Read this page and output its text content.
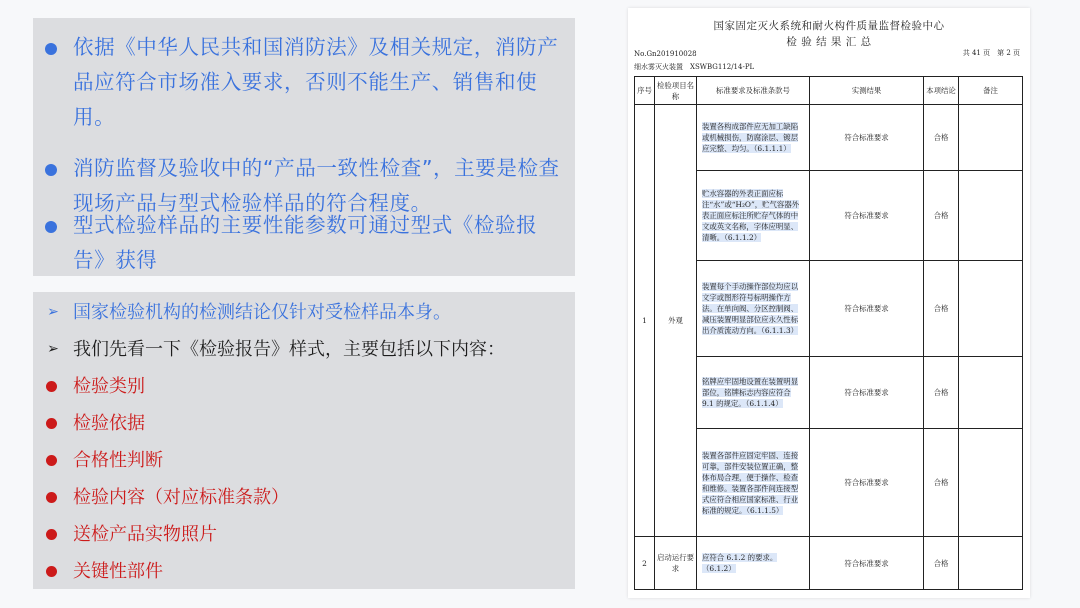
依据《中华人民共和国消防法》及相关规定，消防产品应符合市场准入要求，否则不能生产、销售和使用。
消防监督及验收中的“产品一致性检查”，主要是检查现场产品与型式检验样品的符合程度。
型式检验样品的主要性能参数可通过型式《检验报告》获得
➢ 国家检验机构的检测结论仅针对受检样品本身。
➢ 我们先看一下《检验报告》样式，主要包括以下内容：
检验类别
检验依据
合格性判断
检验内容（对应标准条款）
送检产品实物照片
关键性部件
国家固定灭火系统和耐火构件质量监督检验中心
检 验 结 果 汇 总
No.Gn201910028	共 41 页　第 2 页
细水雾灭火装置　XSWBG112/14-PL
序号	检验项目名称	标准要求及标准条款号	实测结果	本项结论	备注
1	外观	装置各构成部件应无加工缺陷或机械损伤，防腐涂层、镀层应完整、均匀。（6.1.1.1）	符合标准要求	合格	
		贮水容器的外表正面应标注“水”或“H₂O”，贮气容器外表正面应标注所贮存气体的中文或英文名称，字体应明显、清晰。（6.1.1.2）	符合标准要求	合格	
		装置每个手动操作部位均应以文字或图形符号标明操作方法。在单向阀、分区控制阀、减压装置明显部位应永久性标出介质流动方向。（6.1.1.3）	符合标准要求	合格	
		铭牌应牢固地设置在装置明显部位，铭牌标志内容应符合 9.1 的规定。（6.1.1.4）	符合标准要求	合格	
		装置各部件应固定牢固、连接可靠，部件安装位置正确，整体布局合理，便于操作、检查和维修。装置各部件间连接型式应符合相应国家标准、行业标准的规定。（6.1.1.5）	符合标准要求	合格	
2	启动运行要求	应符合 6.1.2 的要求。（6.1.2）	符合标准要求	合格	
